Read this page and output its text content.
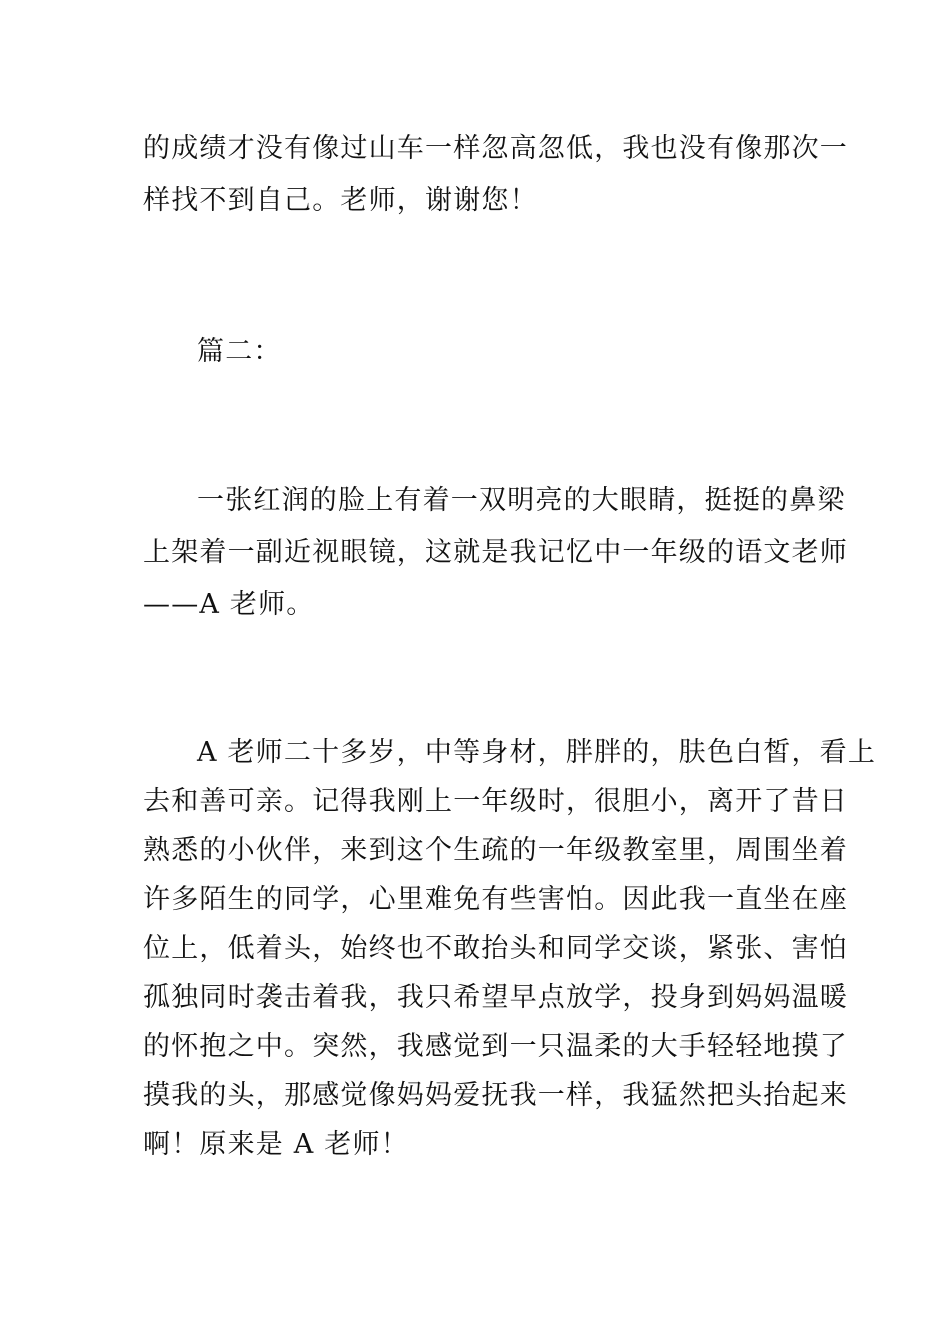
的成绩才没有像过山车一样忽高忽低，我也没有像那次一
样找不到自己。老师，谢谢您！
篇二：
一张红润的脸上有着一双明亮的大眼睛，挺挺的鼻梁
上架着一副近视眼镜，这就是我记忆中一年级的语文老师
——A 老师。
A 老师二十多岁，中等身材，胖胖的，肤色白皙，看上
去和善可亲。记得我刚上一年级时，很胆小，离开了昔日
熟悉的小伙伴，来到这个生疏的一年级教室里，周围坐着
许多陌生的同学，心里难免有些害怕。因此我一直坐在座
位上，低着头，始终也不敢抬头和同学交谈，紧张、害怕
孤独同时袭击着我，我只希望早点放学，投身到妈妈温暖
的怀抱之中。突然，我感觉到一只温柔的大手轻轻地摸了
摸我的头，那感觉像妈妈爱抚我一样，我猛然把头抬起来
啊！原来是 A 老师！
